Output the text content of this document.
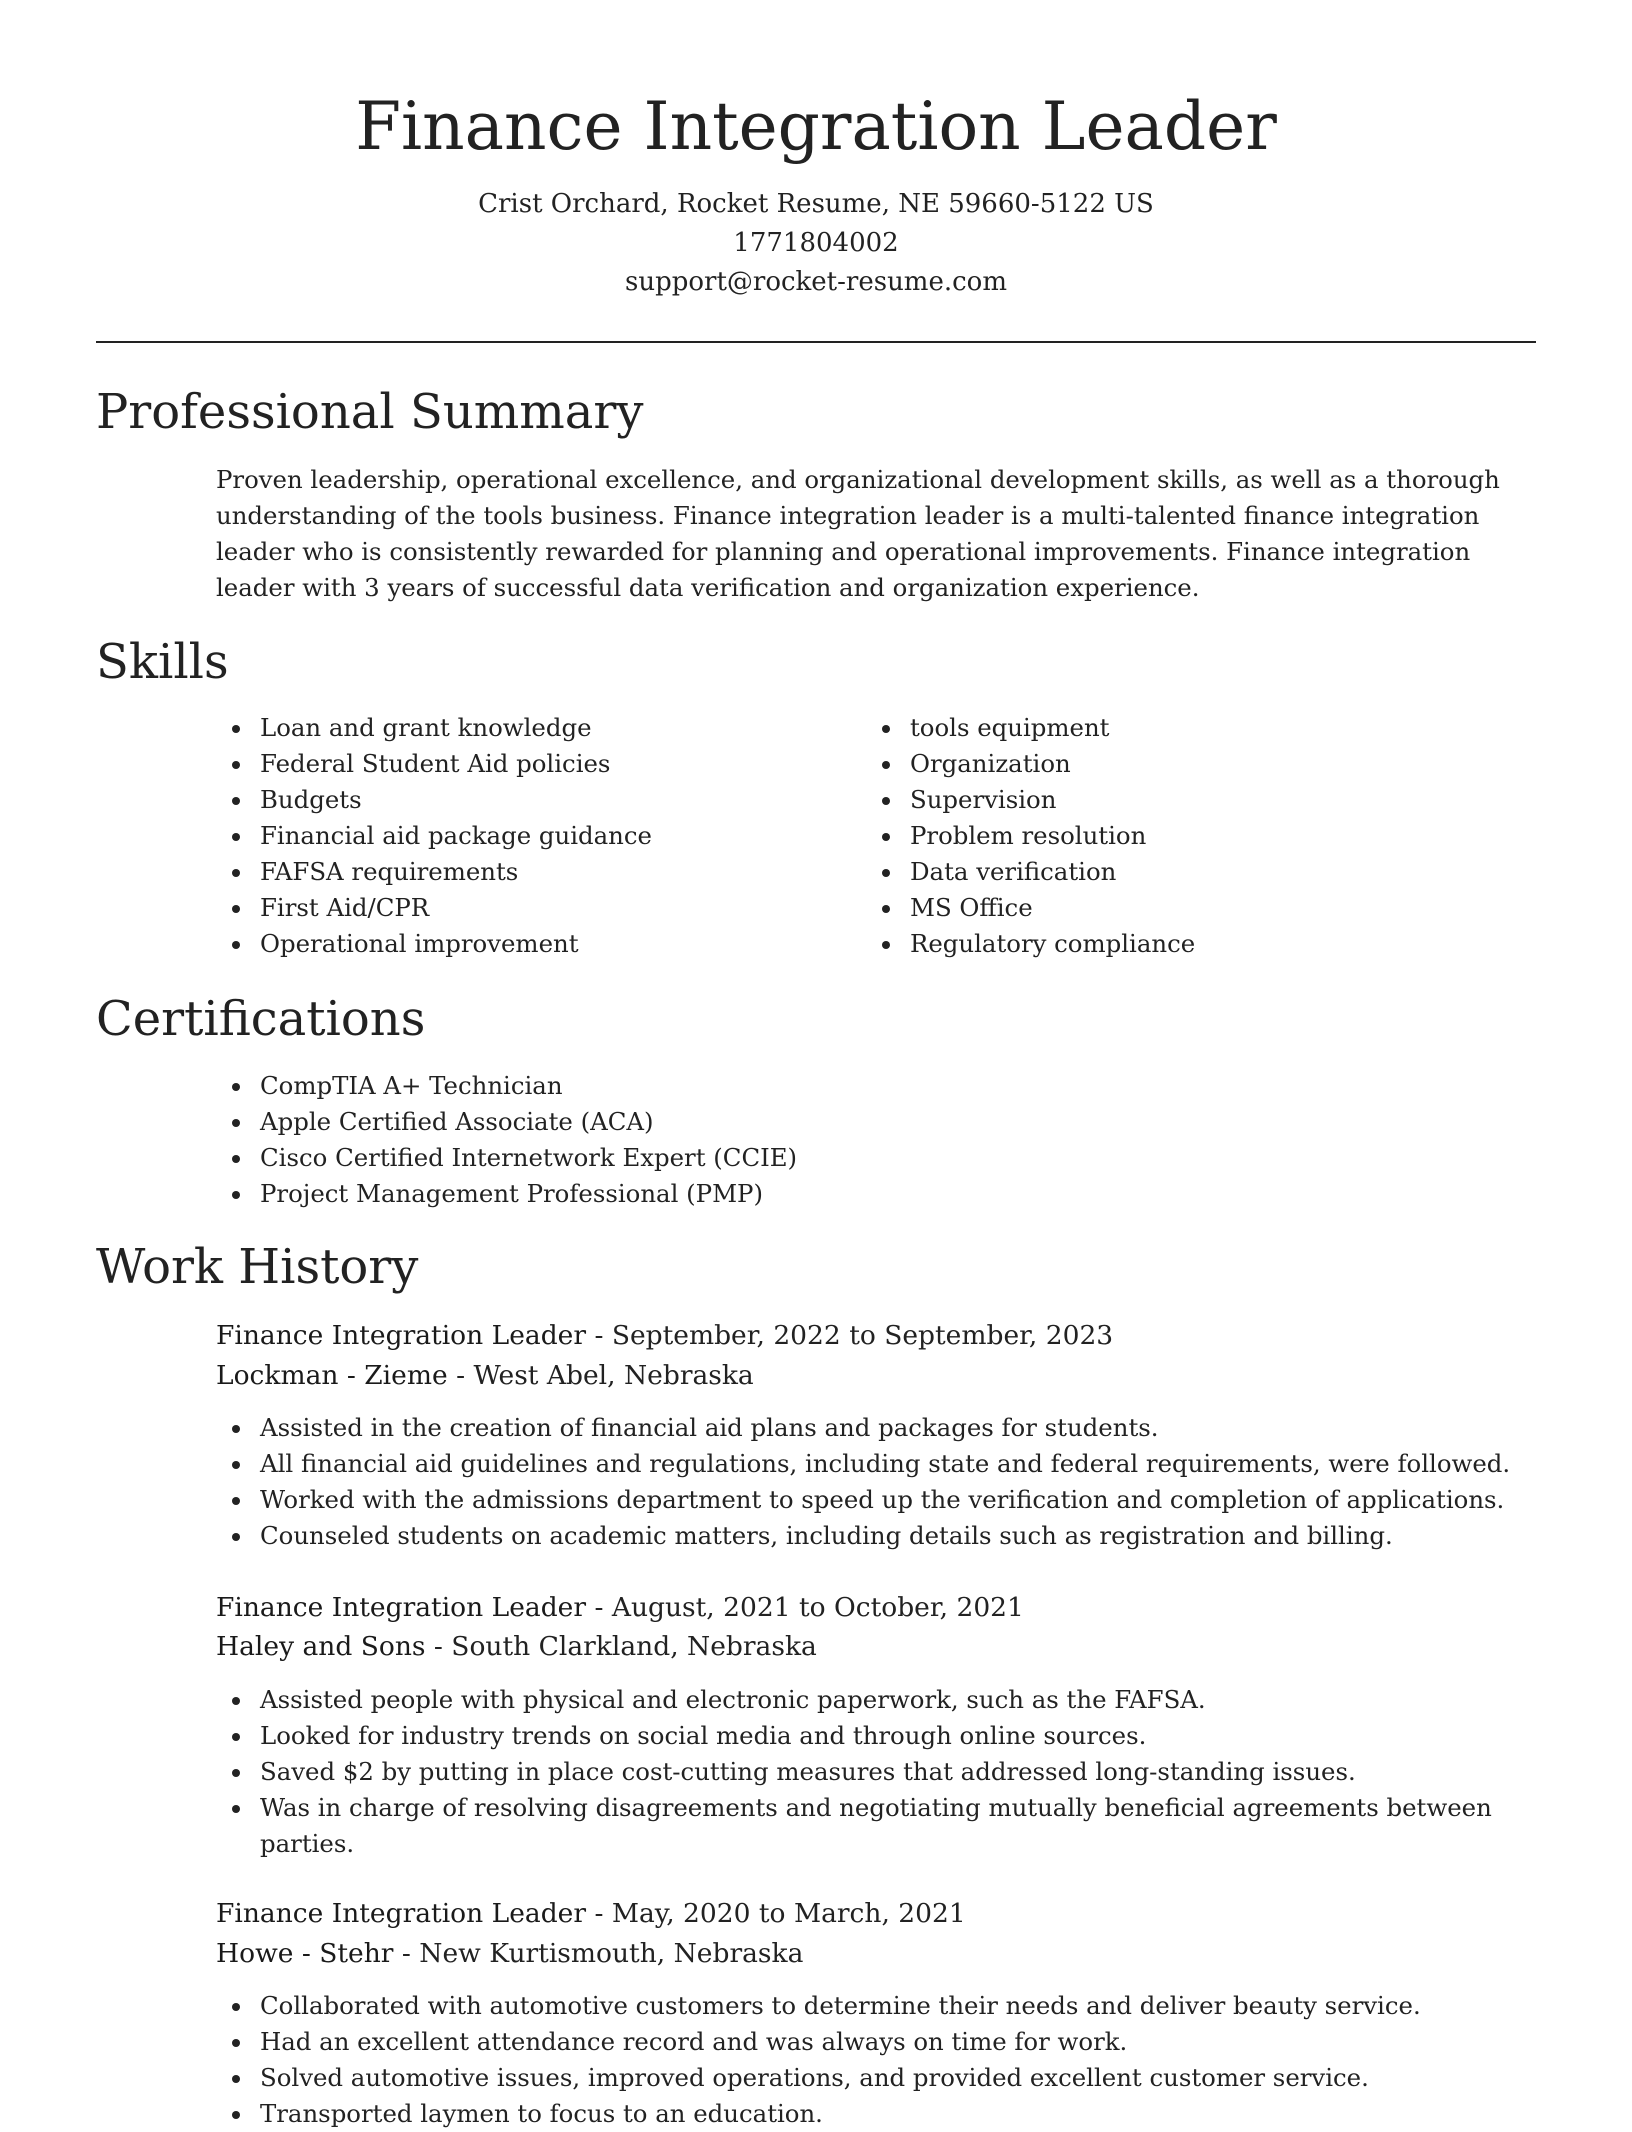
Finance Integration Leader

Crist Orchard, Rocket Resume, NE 59660-5122 US

1771804002

support@rocket-resume.com

Professional Summary

Proven leadership, operational excellence, and organizational development skills, as well as a thorough understanding of the tools business. Finance integration leader is a multi-talented finance integration leader who is consistently rewarded for planning and operational improvements. Finance integration leader with 3 years of successful data verification and organization experience.

Skills
Loan and grant knowledge
Federal Student Aid policies
Budgets
Financial aid package guidance
FAFSA requirements
First Aid/CPR
Operational improvement
tools equipment
Organization
Supervision
Problem resolution
Data verification
MS Office
Regulatory compliance
Certifications
CompTIA A+ Technician
Apple Certified Associate (ACA)
Cisco Certified Internetwork Expert (CCIE)
Project Management Professional (PMP)
Work History

Finance Integration Leader - September, 2022 to September, 2023

Lockman - Zieme - West Abel, Nebraska

Assisted in the creation of financial aid plans and packages for students.
All financial aid guidelines and regulations, including state and federal requirements, were followed.
Worked with the admissions department to speed up the verification and completion of applications.
Counseled students on academic matters, including details such as registration and billing.

Finance Integration Leader - August, 2021 to October, 2021

Haley and Sons - South Clarkland, Nebraska

Assisted people with physical and electronic paperwork, such as the FAFSA.
Looked for industry trends on social media and through online sources.
Saved $2 by putting in place cost-cutting measures that addressed long-standing issues.
Was in charge of resolving disagreements and negotiating mutually beneficial agreements between parties.

Finance Integration Leader - May, 2020 to March, 2021

Howe - Stehr - New Kurtismouth, Nebraska

Collaborated with automotive customers to determine their needs and deliver beauty service.
Had an excellent attendance record and was always on time for work.
Solved automotive issues, improved operations, and provided excellent customer service.
Transported laymen to focus to an education.
